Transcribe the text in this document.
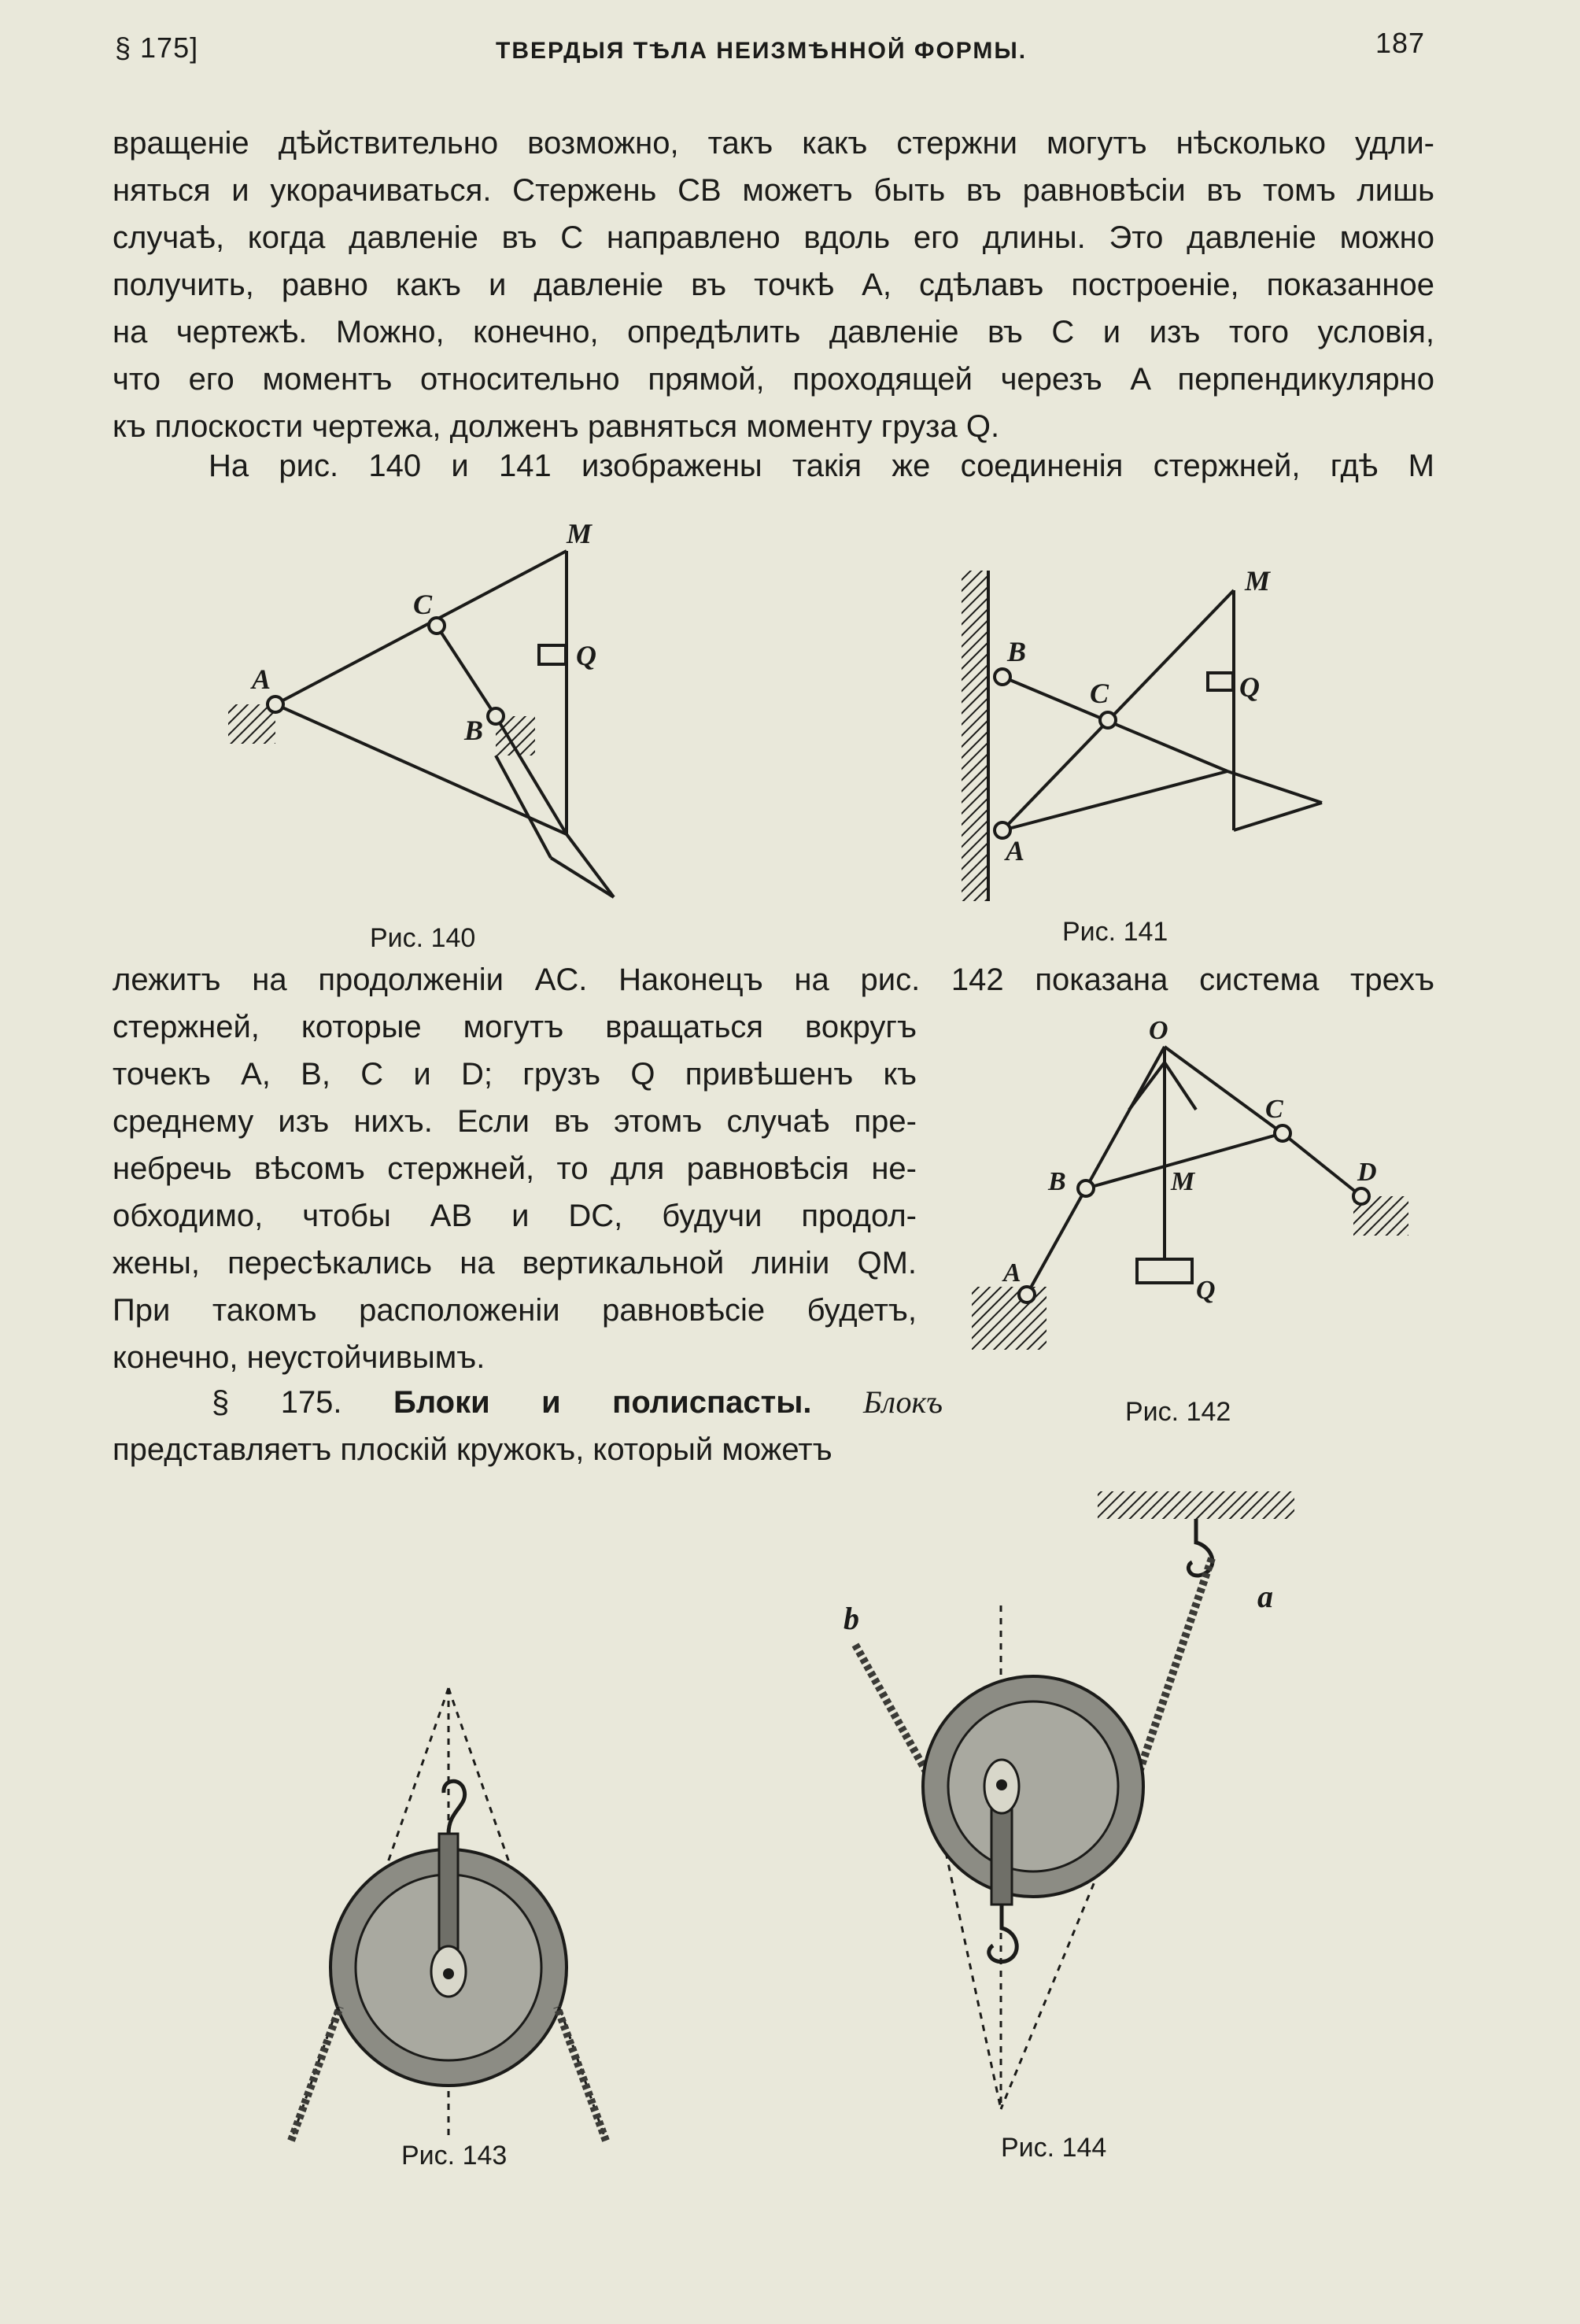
§ 175]	ТВЕРДЫЯ ТѢЛА НЕИЗМѢННОЙ ФОРМЫ.	187
вращеніе дѣйствительно возможно, такъ какъ стержни могутъ нѣсколько удли-
няться и укорачиваться. Стержень CB можетъ быть въ равновѣсіи въ томъ лишь
случаѣ, когда давленіе въ C направлено вдоль его длины. Это давленіе можно
получить, равно какъ и давленіе въ точкѣ A, сдѣлавъ построеніе, показанное
на чертежѣ. Можно, конечно, опредѣлить давленіе въ C и изъ того условія,
что его моментъ относительно прямой, проходящей черезъ A перпендикулярно
къ плоскости чертежа, долженъ равняться моменту груза Q.
На рис. 140 и 141 изображены такія же соединенія стержней, гдѣ M
M
C
Q
A
B
Рис. 140
M
B
C	Q
A
Рис. 141
лежитъ на продолженіи AC. Наконецъ на рис. 142 показана система трехъ
стержней, которые могутъ вращаться вокругъ
точекъ A, B, C и D; грузъ Q привѣшенъ къ
среднему изъ нихъ. Если въ этомъ случаѣ пре-
небречь вѣсомъ стержней, то для равновѣсія не-
обходимо, чтобы AB и DC, будучи продол-
жены, пересѣкались на вертикальной линіи QM.
При такомъ расположеніи равновѣсіе будетъ,
конечно, неустойчивымъ.
O
C
D
B	M
A
Q
Рис. 142
§ 175. Блоки и полиспасты. Блокъ
представляетъ плоскій кружокъ, который можетъ
Рис. 143
b
a
Рис. 144
